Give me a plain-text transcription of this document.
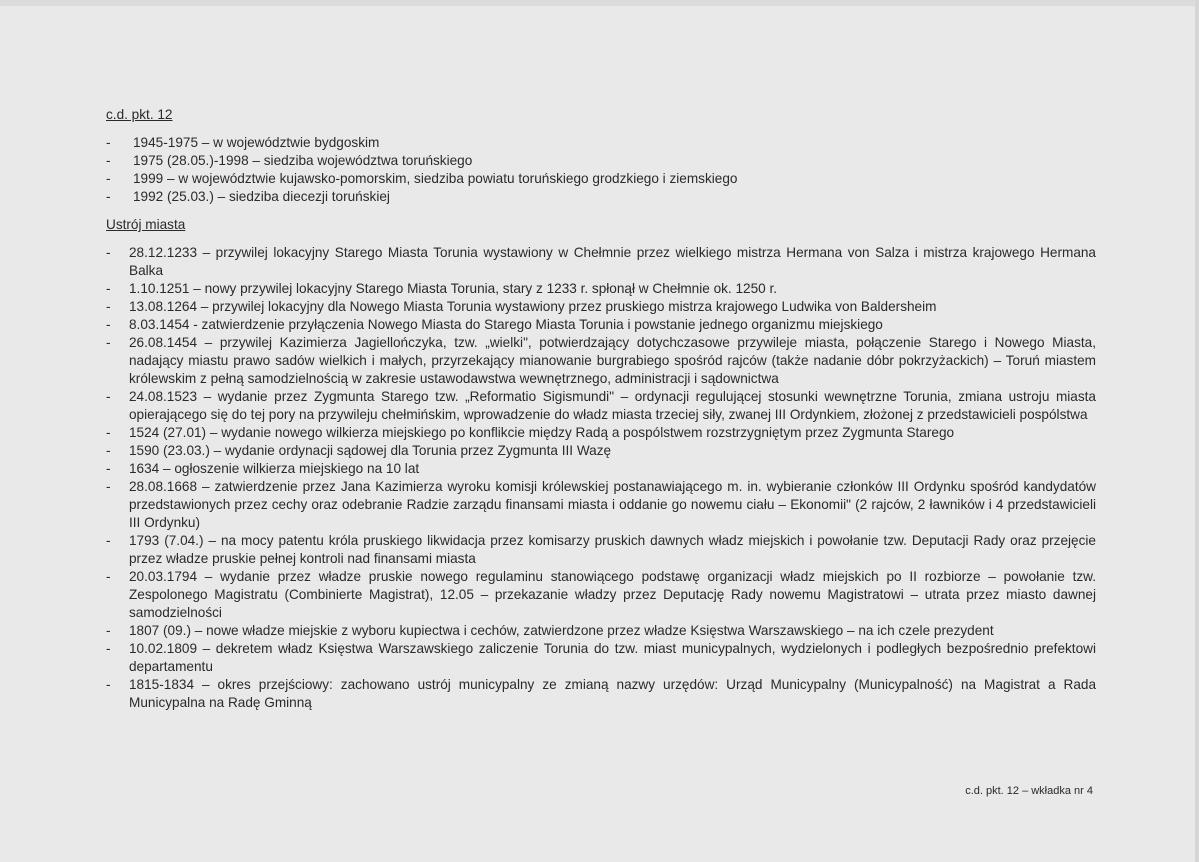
c.d. pkt. 12

- 1945-1975 – w województwie bydgoskim
- 1975 (28.05.)-1998 – siedziba województwa toruńskiego
- 1999 – w województwie kujawsko-pomorskim, siedziba powiatu toruńskiego grodzkiego i ziemskiego
- 1992 (25.03.) – siedziba diecezji toruńskiej

Ustrój miasta

- 28.12.1233 – przywilej lokacyjny Starego Miasta Torunia wystawiony w Chełmnie przez wielkiego mistrza Hermana von Salza i mistrza krajowego Hermana Balka
- 1.10.1251 – nowy przywilej lokacyjny Starego Miasta Torunia, stary z 1233 r. spłonął w Chełmnie ok. 1250 r.
- 13.08.1264 – przywilej lokacyjny dla Nowego Miasta Torunia wystawiony przez pruskiego mistrza krajowego Ludwika von Baldersheim
- 8.03.1454 - zatwierdzenie przyłączenia Nowego Miasta do Starego Miasta Torunia i powstanie jednego organizmu miejskiego
- 26.08.1454 – przywilej Kazimierza Jagiellończyka, tzw. „wielki", potwierdzający dotychczasowe przywileje miasta, połączenie Starego i Nowego Miasta, nadający miastu prawo sadów wielkich i małych, przyrzekający mianowanie burgrabiego spośród rajców (także nadanie dóbr pokrzyżackich) – Toruń miastem królewskim z pełną samodzielnością w zakresie ustawodawstwa wewnętrznego, administracji i sądownictwa
- 24.08.1523 – wydanie przez Zygmunta Starego tzw. „Reformatio Sigismundi" – ordynacji regulującej stosunki wewnętrzne Torunia, zmiana ustroju miasta opierającego się do tej pory na przywileju chełmińskim, wprowadzenie do władz miasta trzeciej siły, zwanej III Ordynkiem, złożonej z przedstawicieli pospólstwa
- 1524 (27.01) – wydanie nowego wilkierza miejskiego po konflikcie między Radą a pospólstwem rozstrzygniętym przez Zygmunta Starego
- 1590 (23.03.) – wydanie ordynacji sądowej dla Torunia przez Zygmunta III Wazę
- 1634 – ogłoszenie wilkierza miejskiego na 10 lat
- 28.08.1668 – zatwierdzenie przez Jana Kazimierza wyroku komisji królewskiej postanawiającego m. in. wybieranie członków III Ordynku spośród kandydatów przedstawionych przez cechy oraz odebranie Radzie zarządu finansami miasta i oddanie go nowemu ciału – Ekonomii" (2 rajców, 2 ławników i 4 przedstawicieli III Ordynku)
- 1793 (7.04.) – na mocy patentu króla pruskiego likwidacja przez komisarzy pruskich dawnych władz miejskich i powołanie tzw. Deputacji Rady oraz przejęcie przez władze pruskie pełnej kontroli nad finansami miasta
- 20.03.1794 – wydanie przez władze pruskie nowego regulaminu stanowiącego podstawę organizacji władz miejskich po II rozbiorze – powołanie tzw. Zespolonego Magistratu (Combinierte Magistrat), 12.05 – przekazanie władzy przez Deputację Rady nowemu Magistratowi – utrata przez miasto dawnej samodzielności
- 1807 (09.) – nowe władze miejskie z wyboru kupiectwa i cechów, zatwierdzone przez władze Księstwa Warszawskiego – na ich czele prezydent
- 10.02.1809 – dekretem władz Księstwa Warszawskiego zaliczenie Torunia do tzw. miast municypalnych, wydzielonych i podległych bezpośrednio prefektowi departamentu
- 1815-1834 – okres przejściowy: zachowano ustrój municypalny ze zmianą nazwy urzędów: Urząd Municypalny (Municypalność) na Magistrat a Rada Municypalna na Radę Gminną
c.d. pkt. 12 – wkładka nr 4
